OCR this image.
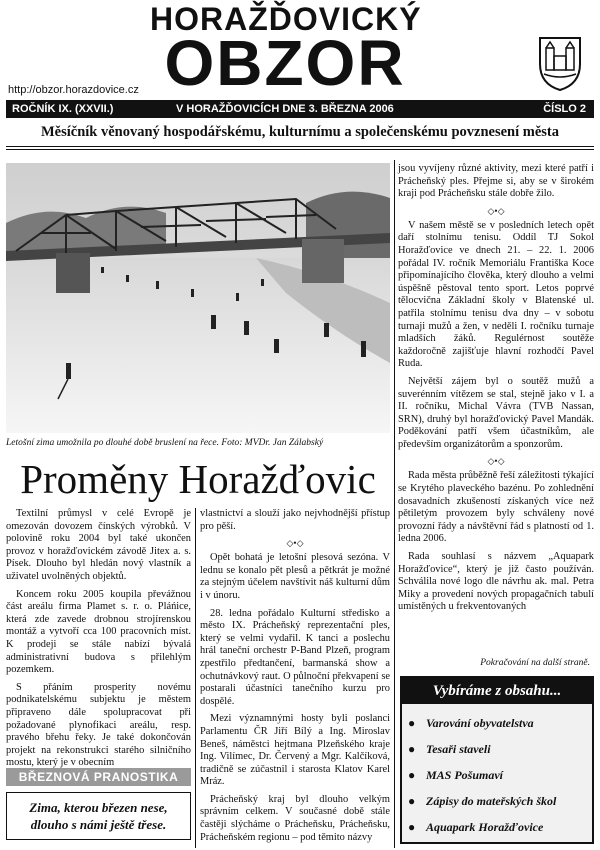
HORAŽĎOVICKÝ
OBZOR
http://obzor.horazdovice.cz
ROČNÍK IX. (XXVII.)	V HORAŽĎOVICÍCH DNE 3. BŘEZNA 2006	ČÍSLO 2
Měsíčník věnovaný hospodářskému, kulturnímu a společenskému povznesení města
Letošní zima umožnila po dlouhé době bruslení na řece. Foto: MVDr. Jan Zálabský
Proměny Horažďovic

Textilní průmysl v celé Evropě je omezován dovozem čínských výrobků. V polovině roku 2004 byl také ukončen provoz v horažďovickém závodě Jitex a. s. Písek. Dlouho byl hledán nový vlastník a uživatel uvolněných objektů.

Koncem roku 2005 koupila převážnou část areálu firma Plamet s. r. o. Pláńice, která zde zavede drobnou strojírenskou montáž a vytvoří cca 100 pracovních míst. K prodeji se stále nabízí bývalá administrativní budova s přilehlým pozemkem.

S přáním prosperity novému podnikatelskému subjektu je městem připraveno dále spolupracovat při požadované plynofikaci areálu, resp. pravého břehu řeky. Je také dokončován projekt na rekonstrukci starého silničního mostu, který je v obecním

BŘEZNOVÁ PRANOSTIKA
Zima, kterou březen nese,
dlouho s námi ještě třese.

vlastnictví a slouží jako nejvhodnější přístup pro pěší.

◇•◇

Opět bohatá je letošní plesová sezóna. V lednu se konalo pět plesů a pětkrát je možné za stejným účelem navštívit náš kulturní dům i v únoru.

28. ledna pořádalo Kulturní středisko a město IX. Prácheňský reprezentační ples, který se velmi vydařil. K tanci a poslechu hrál taneční orchestr P-Band Plzeň, program zpestřilo předtančení, barmanská show a ochutnávkový raut. O půlnoční překvapení se postarali účastníci tanečního kurzu pro dospělé.

Mezi významnými hosty byli poslanci Parlamentu ČR Jiří Bílý a Ing. Miroslav Beneš, náměstci hejtmana Plzeňského kraje Ing. Vilímec, Dr. Červený a Mgr. Kalčíková, tradičně se zúčastnil i starosta Klatov Karel Mráz.

Prácheňský kraj byl dlouho velkým správním celkem. V současné době stále častěji slýcháme o Prácheňsku, Prácheňsku, Prácheňském regionu – pod těmito názvy

jsou vyvíjeny různé aktivity, mezi které patří i Prácheňský ples. Přejme si, aby se v širokém kraji pod Prácheňsku stále dobře žilo.

◇•◇

V našem městě se v posledních letech opět daří stolnímu tenisu. Oddíl TJ Sokol Horažďovice ve dnech 21. – 22. 1. 2006 pořádal IV. ročník Memoriálu Františka Koce připomínajícího člověka, který dlouho a velmi úspěšně pěstoval tento sport. Letos poprvé tělocvična Základní školy v Blatenské ul. patřila stolnímu tenisu dva dny – v sobotu turnaji mužů a žen, v neděli I. ročníku turnaje mladších žáků. Regulérnost soutěže každoročně zajišťuje hlavní rozhodčí Pavel Ruda.

Největší zájem byl o soutěž mužů a suverénním vítězem se stal, stejně jako v I. a II. ročníku, Michal Vávra (TVB Nassan, SRN), druhý byl horažďovický Pavel Mandák. Poděkování patří všem účastníkům, ale především organizátorům a sponzorům.

◇•◇

Rada města průběžně řeší záležitosti týkající se Krytého plaveckého bazénu. Po zohlednění dosavadních zkušeností získaných více než pětiletým provozem byly schváleny nové provozní řády a návštěvní řád s platností od 1. ledna 2006.

Rada souhlasí s názvem „Aquapark Horažďovice“, který je již často používán. Schválila nové logo dle návrhu ak. mal. Petra Miky a provedení nových propagačních tabulí umístěných u frekventovaných

Pokračování na další straně.
Vybíráme z obsahu...
● Varování obyvatelstva
● Tesaři staveli
● MAS Pošumaví
● Zápisy do mateřských škol
● Aquapark Horažďovice
